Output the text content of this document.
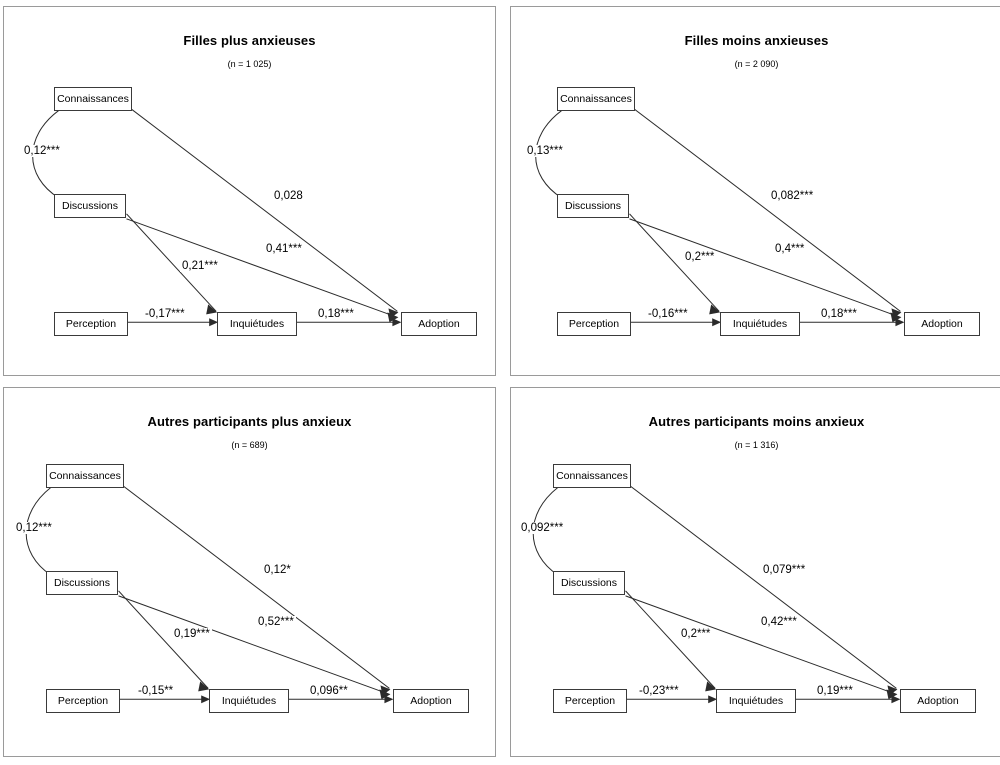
Filles plus anxieuses
(n = 1 025)
Connaissances
Discussions
Perception	Inquiétudes	Adoption
0,12***
0,028
0,21***
0,41***
-0,17***	0,18***
Filles moins anxieuses
(n = 2 090)
Connaissances
Discussions
Perception	Inquiétudes	Adoption
0,13***
0,082***
0,2***
0,4***
-0,16***	0,18***
Autres participants plus anxieux
(n = 689)
Connaissances
Discussions
Perception	Inquiétudes	Adoption
0,12***
0,12*
0,19***
0,52***
-0,15**	0,096**
Autres participants moins anxieux
(n = 1 316)
Connaissances
Discussions
Perception	Inquiétudes	Adoption
0,092***
0,079***
0,2***
0,42***
-0,23***	0,19***
